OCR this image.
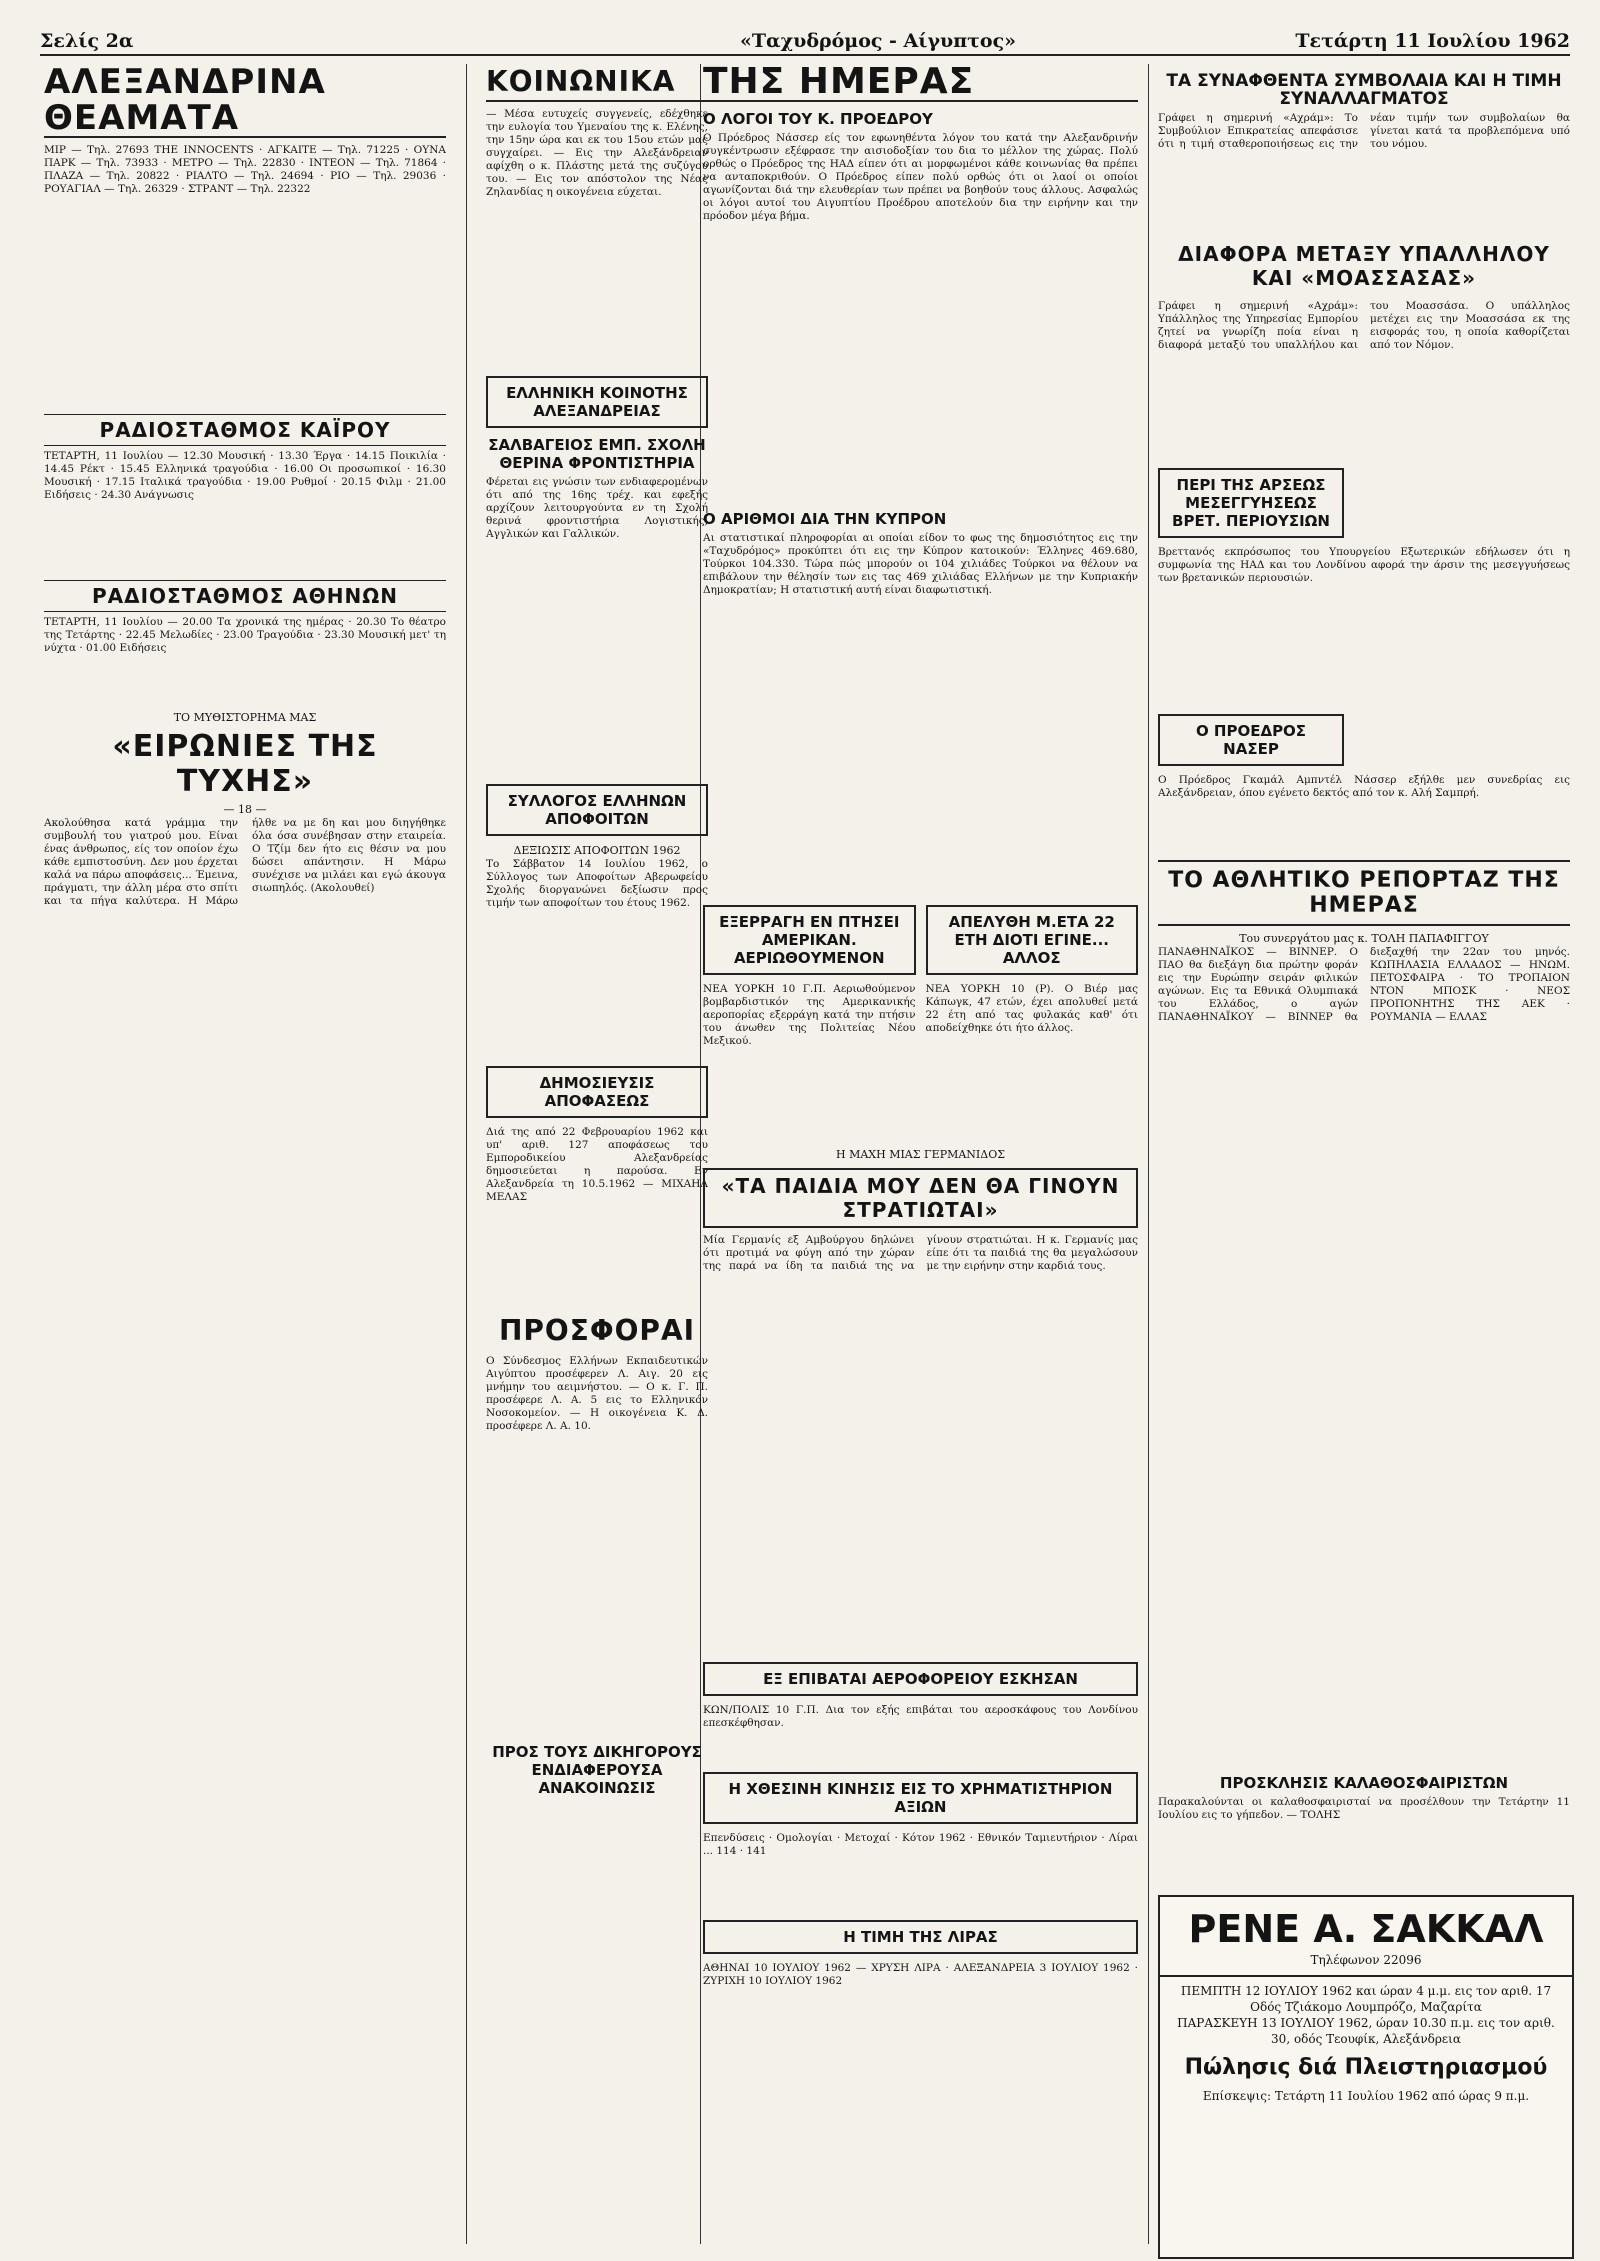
Σελίς 2α	«Ταχυδρόμος - Αίγυπτος»	Τετάρτη 11 Ιουλίου 1962
ΑΛΕΞΑΝΔΡΙΝΑ ΘΕΑΜΑΤΑ
ΜΙΡ — Τηλ. 27693 THE INNOCENTS · ΑΓΚΑΙΤΕ — Τηλ. 71225 · ΟΥΝΑ ΠΑΡΚ — Τηλ. 73933 · ΜΕΤΡΟ — Τηλ. 22830 · ΙΝΤΕΟΝ — Τηλ. 71864 · ΠΛΑΖΑ — Τηλ. 20822 · ΡΙΑΛΤΟ — Τηλ. 24694 · ΡΙΟ — Τηλ. 29036 · ΡΟΥΑΓΙΑΛ — Τηλ. 26329 · ΣΤΡΑΝΤ — Τηλ. 22322
ΡΑΔΙΟΣΤΑΘΜΟΣ ΚΑΪΡΟΥ
ΤΕΤΑΡΤΗ, 11 Ιουλίου — 12.30 Μουσική · 13.30 Έργα · 14.15 Ποικιλία · 14.45 Ρέκτ · 15.45 Ελληνικά τραγούδια · 16.00 Οι προσωπικοί · 16.30 Μουσική · 17.15 Ιταλικά τραγούδια · 19.00 Ρυθμοί · 20.15 Φιλμ · 21.00 Ειδήσεις · 24.30 Ανάγνωσις
ΡΑΔΙΟΣΤΑΘΜΟΣ ΑΘΗΝΩΝ
ΤΕΤΑΡΤΗ, 11 Ιουλίου — 20.00 Τα χρονικά της ημέρας · 20.30 Το θέατρο της Τετάρτης · 22.45 Μελωδίες · 23.00 Τραγούδια · 23.30 Μουσική μετ' τη νύχτα · 01.00 Ειδήσεις
ΤΟ ΜΥΘΙΣΤΟΡΗΜΑ ΜΑΣ
«ΕΙΡΩΝΙΕΣ ΤΗΣ ΤΥΧΗΣ»
— 18 —
Ακολούθησα κατά γράμμα την συμβουλή του γιατρού μου. Είναι ένας άνθρωπος, είς τον οποίον έχω κάθε εμπιστοσύνη. Δεν μου έρχεται καλά να πάρω αποφάσεις... Έμεινα, πράγματι, την άλλη μέρα στο σπίτι και τα πήγα καλύτερα. Η Μάρω ήλθε να με δη και μου διηγήθηκε όλα όσα συνέβησαν στην εταιρεία. Ο Τζίμ δεν ήτο εις θέσιν να μου δώσει απάντησιν. Η Μάρω συνέχισε να μιλάει και εγώ άκουγα σιωπηλός. (Ακολουθεί)
ΚΟΙΝΩΝΙΚΑ
— Μέσα ευτυχείς συγγενείς, εδέχθηκε την ευλογία του Υμεναίου της κ. Ελένης, την 15ην ώρα και εκ του 15ου ετών μας συγχαίρει. — Εις την Αλεξάνδρειαν αφίχθη ο κ. Πλάστης μετά της συζύγου του. — Εις τον απόστολον της Νέας Ζηλανδίας η οικογένεια εύχεται.
ΕΛΛΗΝΙΚΗ ΚΟΙΝΟΤΗΣ ΑΛΕΞΑΝΔΡΕΙΑΣ
ΣΑΛΒΑΓΕΙΟΣ ΕΜΠ. ΣΧΟΛΗ ΘΕΡΙΝΑ ΦΡΟΝΤΙΣΤΗΡΙΑ
Φέρεται εις γνώσιν των ενδιαφερομένων ότι από της 16ης τρέχ. και εφεξής αρχίζουν λειτουργούντα εν τη Σχολή θερινά φροντιστήρια Λογιστικής, Αγγλικών και Γαλλικών.
ΣΥΛΛΟΓΟΣ ΕΛΛΗΝΩΝ ΑΠΟΦΟΙΤΩΝ
ΔΕΞΙΩΣΙΣ ΑΠΟΦΟΙΤΩΝ 1962
Το Σάββατον 14 Ιουλίου 1962, ο Σύλλογος των Αποφοίτων Αβερωφείου Σχολής διοργανώνει δεξίωσιν προς τιμήν των αποφοίτων του έτους 1962.
ΔΗΜΟΣΙΕΥΣΙΣ ΑΠΟΦΑΣΕΩΣ
Διά της από 22 Φεβρουαρίου 1962 και υπ' αριθ. 127 αποφάσεως του Εμποροδικείου Αλεξανδρείας δημοσιεύεται η παρούσα. Εν Αλεξανδρεία τη 10.5.1962 — ΜΙΧΑΗΛ ΜΕΛΑΣ
ΠΡΟΣΦΟΡΑΙ
Ο Σύνδεσμος Ελλήνων Εκπαιδευτικών Αιγύπτου προσέφερεν Λ. Αιγ. 20 εις μνήμην του αειμνήστου. — Ο κ. Γ. Π. προσέφερε Λ. Α. 5 εις το Ελληνικόν Νοσοκομείον. — Η οικογένεια Κ. Δ. προσέφερε Λ. Α. 10.
ΠΡΟΣ ΤΟΥΣ ΔΙΚΗΓΟΡΟΥΣ ΕΝΔΙΑΦΕΡΟΥΣΑ ΑΝΑΚΟΙΝΩΣΙΣ
ΤΗΣ ΗΜΕΡΑΣ
Ο ΛΟΓΟΙ ΤΟΥ Κ. ΠΡΟΕΔΡΟΥ
Ο Πρόεδρος Νάσσερ είς τον εφωνηθέντα λόγον του κατά την Αλεξανδρινήν συγκέντρωσιν εξέφρασε την αισιοδοξίαν του δια το μέλλον της χώρας. Πολύ ορθώς ο Πρόεδρος της ΗΑΔ είπεν ότι αι μορφωμένοι κάθε κοινωνίας θα πρέπει να ανταποκριθούν. Ο Πρόεδρος είπεν πολύ ορθώς ότι οι λαοί οι οποίοι αγωνίζονται διά την ελευθερίαν των πρέπει να βοηθούν τους άλλους. Ασφαλώς οι λόγοι αυτοί του Αιγυπτίου Προέδρου αποτελούν δια την ειρήνην και την πρόοδον μέγα βήμα.
Ο ΑΡΙΘΜΟΙ ΔΙΑ ΤΗΝ ΚΥΠΡΟΝ
Αι στατιστικαί πληροφορίαι αι οποίαι είδον το φως της δημοσιότητος εις την «Ταχυδρόμος» προκύπτει ότι εις την Κύπρον κατοικούν: Έλληνες 469.680, Τούρκοι 104.330. Τώρα πώς μπορούν οι 104 χιλιάδες Τούρκοι να θέλουν να επιβάλουν την θέλησίν των εις τας 469 χιλιάδας Ελλήνων με την Κυπριακήν Δημοκρατίαν; Η στατιστική αυτή είναι διαφωτιστική.
ΕΞΕΡΡΑΓΗ ΕΝ ΠΤΗΣΕΙ ΑΜΕΡΙΚΑΝ. ΑΕΡΙΩΘΟΥΜΕΝΟΝ
ΝΕΑ ΥΟΡΚΗ 10 Γ.Π. Αεριωθούμενον βομβαρδιστικόν της Αμερικανικής αεροπορίας εξερράγη κατά την πτήσιν του άνωθεν της Πολιτείας Νέου Μεξικού.
ΑΠΕΛΥΘΗ Μ.ΕΤΑ 22 ΕΤΗ ΔΙΟΤΙ ΕΓΙΝΕ... ΑΛΛΟΣ
ΝΕΑ ΥΟΡΚΗ 10 (Ρ). Ο Βιέρ μας Κάπωγκ, 47 ετών, έχει απολυθεί μετά 22 έτη από τας φυλακάς καθ' ότι αποδείχθηκε ότι ήτο άλλος.
Η ΜΑΧΗ ΜΙΑΣ ΓΕΡΜΑΝΙΔΟΣ
«ΤΑ ΠΑΙΔΙΑ ΜΟΥ ΔΕΝ ΘΑ ΓΙΝΟΥΝ ΣΤΡΑΤΙΩΤΑΙ»
Μία Γερμανίς εξ Αμβούργου δηλώνει ότι προτιμά να φύγη από την χώραν της παρά να ίδη τα παιδιά της να γίνουν στρατιώται. Η κ. Γερμανίς μας είπε ότι τα παιδιά της θα μεγαλώσουν με την ειρήνην στην καρδιά τους.
ΕΞ ΕΠΙΒΑΤΑΙ ΑΕΡΟΦΟΡΕΙΟΥ ΕΣΚΗΣΑΝ
ΚΩΝ/ΠΟΛΙΣ 10 Γ.Π. Δια τον εξής επιβάται του αεροσκάφους του Λονδίνου επεσκέφθησαν.
Η ΧΘΕΣΙΝΗ ΚΙΝΗΣΙΣ ΕΙΣ ΤΟ ΧΡΗΜΑΤΙΣΤΗΡΙΟΝ ΑΞΙΩΝ
Επενδύσεις · Ομολογίαι · Μετοχαί · Κότον 1962 · Εθνικόν Ταμιευτήριον · Λίραι ... 114 · 141
Η ΤΙΜΗ ΤΗΣ ΛΙΡΑΣ
ΑΘΗΝΑΙ 10 ΙΟΥΛΙΟΥ 1962 — ΧΡΥΣΗ ΛΙΡΑ · ΑΛΕΞΑΝΔΡΕΙΑ 3 ΙΟΥΛΙΟΥ 1962 · ΖΥΡΙΧΗ 10 ΙΟΥΛΙΟΥ 1962
ΤΑ ΣΥΝΑΦΘΕΝΤΑ ΣΥΜΒΟΛΑΙΑ ΚΑΙ Η ΤΙΜΗ ΣΥΝΑΛΛΑΓΜΑΤΟΣ
Γράφει η σημερινή «Αχράμ»: Το Συμβούλιον Επικρατείας απεφάσισε ότι η τιμή σταθεροποιήσεως εις την νέαν τιμήν των συμβολαίων θα γίνεται κατά τα προβλεπόμενα υπό του νόμου.
ΔΙΑΦΟΡΑ ΜΕΤΑΞΥ ΥΠΑΛΛΗΛΟΥ ΚΑΙ «ΜΟΑΣΣΑΣΑΣ»
Γράφει η σημερινή «Αχράμ»: Υπάλληλος της Υπηρεσίας Εμπορίου ζητεί να γνωρίζη ποία είναι η διαφορά μεταξύ του υπαλλήλου και του Μοασσάσα. Ο υπάλληλος μετέχει εις την Μοασσάσα εκ της εισφοράς του, η οποία καθορίζεται από τον Νόμον.
ΠΕΡΙ ΤΗΣ ΑΡΣΕΩΣ ΜΕΣΕΓΓΥΗΣΕΩΣ ΒΡΕΤ. ΠΕΡΙΟΥΣΙΩΝ
Βρεττανός εκπρόσωπος του Υπουργείου Εξωτερικών εδήλωσεν ότι η συμφωνία της ΗΑΔ και του Λονδίνου αφορά την άρσιν της μεσεγγυήσεως των βρετανικών περιουσιών.
Ο ΠΡΟΕΔΡΟΣ ΝΑΣΕΡ
Ο Πρόεδρος Γκαμάλ Αμπντέλ Νάσσερ εξήλθε μεν συνεδρίας εις Αλεξάνδρειαν, όπου εγένετο δεκτός από τον κ. Αλή Σαμπρή.
ΤΟ ΑΘΛΗΤΙΚΟ ΡΕΠΟΡΤΑΖ ΤΗΣ ΗΜΕΡΑΣ
Του συνεργάτου μας κ. ΤΟΛΗ ΠΑΠΑΦΙΓΓΟΥ
ΠΑΝΑΘΗΝΑΪΚΟΣ — ΒΙΝΝΕΡ. Ο ΠΑΟ θα διεξάγη δια πρώτην φοράν εις την Ευρώπην σειράν φιλικών αγώνων. Εις τα Εθνικά Ολυμπιακά του Ελλάδος, ο αγών ΠΑΝΑΘΗΝΑΪΚΟΥ — ΒΙΝΝΕΡ θα διεξαχθή την 22αν του μηνός. ΚΩΠΗΛΑΣΙΑ ΕΛΛΑΔΟΣ — ΗΝΩΜ. ΠΕΤΟΣΦΑΙΡΑ · ΤΟ ΤΡΟΠΑΙΟΝ ΝΤΟΝ ΜΠΟΣΚ · ΝΕΟΣ ΠΡΟΠΟΝΗΤΗΣ ΤΗΣ ΑΕΚ · ΡΟΥΜΑΝΙΑ — ΕΛΛΑΣ
ΠΡΟΣΚΛΗΣΙΣ ΚΑΛΑΘΟΣΦΑΙΡΙΣΤΩΝ
Παρακαλούνται οι καλαθοσφαιρισταί να προσέλθουν την Τετάρτην 11 Ιουλίου εις το γήπεδον. — ΤΟΛΗΣ
ΡΕΝΕ Α. ΣΑΚΚΑΛ
Τηλέφωνον 22096
ΠΕΜΠΤΗ 12 ΙΟΥΛΙΟΥ 1962 και ώραν 4 μ.μ. εις τον αριθ. 17 Οδός Τζιάκομο Λουμπρόζο, Μαζαρίτα
ΠΑΡΑΣΚΕΥΗ 13 ΙΟΥΛΙΟΥ 1962, ώραν 10.30 π.μ. εις τον αριθ. 30, οδός Τεουφίκ, Αλεξάνδρεια
Πώλησις διά Πλειστηριασμού
Επίσκεψις: Τετάρτη 11 Ιουλίου 1962 από ώρας 9 π.μ.
